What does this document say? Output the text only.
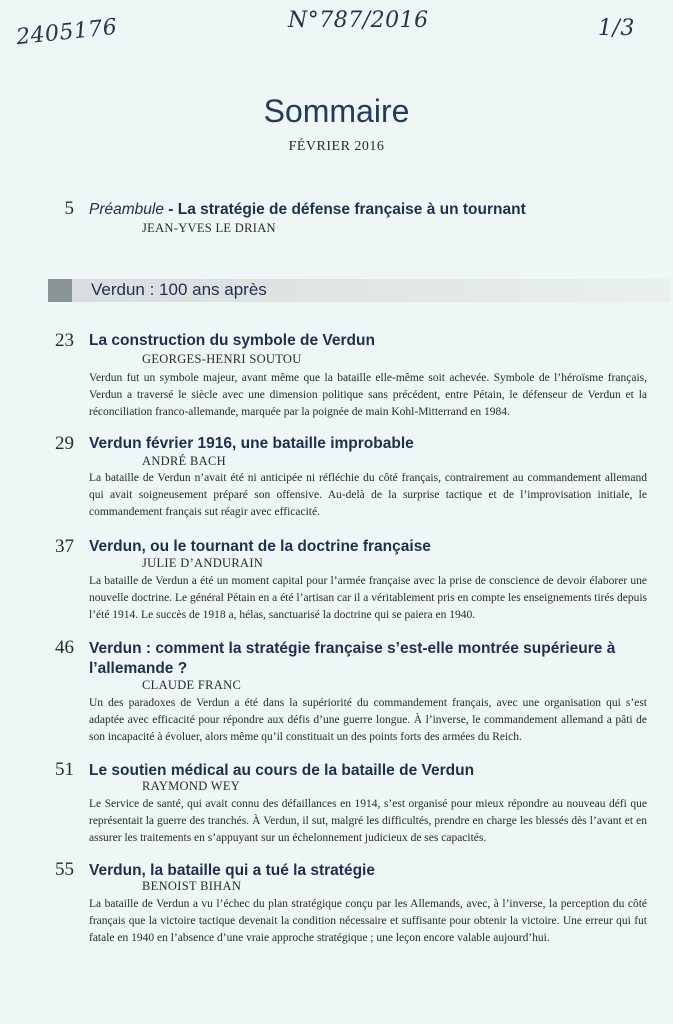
2405176	N°787/2016	1/3
Sommaire
FÉVRIER 2016
5 Préambule - La stratégie de défense française à un tournant
JEAN-YVES LE DRIAN
Verdun : 100 ans après
23 La construction du symbole de Verdun
GEORGES-HENRI SOUTOU
Verdun fut un symbole majeur, avant même que la bataille elle-même soit achevée. Symbole de l’héroïsme français, Verdun a traversé le siècle avec une dimension politique sans précédent, entre Pétain, le défenseur de Verdun et la réconciliation franco-allemande, marquée par la poignée de main Kohl-Mitterrand en 1984.
29 Verdun février 1916, une bataille improbable
ANDRÉ BACH
La bataille de Verdun n’avait été ni anticipée ni réfléchie du côté français, contrairement au commandement allemand qui avait soigneusement préparé son offensive. Au-delà de la surprise tactique et de l’improvisation initiale, le commandement français sut réagir avec efficacité.
37 Verdun, ou le tournant de la doctrine française
JULIE D’ANDURAIN
La bataille de Verdun a été un moment capital pour l’armée française avec la prise de conscience de devoir élaborer une nouvelle doctrine. Le général Pétain en a été l’artisan car il a véritablement pris en compte les enseignements tirés depuis l’été 1914. Le succès de 1918 a, hélas, sanctuarisé la doctrine qui se paiera en 1940.
46 Verdun : comment la stratégie française s’est-elle montrée supérieure à l’allemande ?
CLAUDE FRANC
Un des paradoxes de Verdun a été dans la supériorité du commandement français, avec une organisation qui s’est adaptée avec efficacité pour répondre aux défis d’une guerre longue. À l’inverse, le commandement allemand a pâti de son incapacité à évoluer, alors même qu’il constituait un des points forts des armées du Reich.
51 Le soutien médical au cours de la bataille de Verdun
RAYMOND WEY
Le Service de santé, qui avait connu des défaillances en 1914, s’est organisé pour mieux répondre au nouveau défi que représentait la guerre des tranchés. À Verdun, il sut, malgré les difficultés, prendre en charge les blessés dès l’avant et en assurer les traitements en s’appuyant sur un échelonnement judicieux de ses capacités.
55 Verdun, la bataille qui a tué la stratégie
BENOIST BIHAN
La bataille de Verdun a vu l’échec du plan stratégique conçu par les Allemands, avec, à l’inverse, la perception du côté français que la victoire tactique devenait la condition nécessaire et suffisante pour obtenir la victoire. Une erreur qui fut fatale en 1940 en l’absence d’une vraie approche stratégique ; une leçon encore valable aujourd’hui.
